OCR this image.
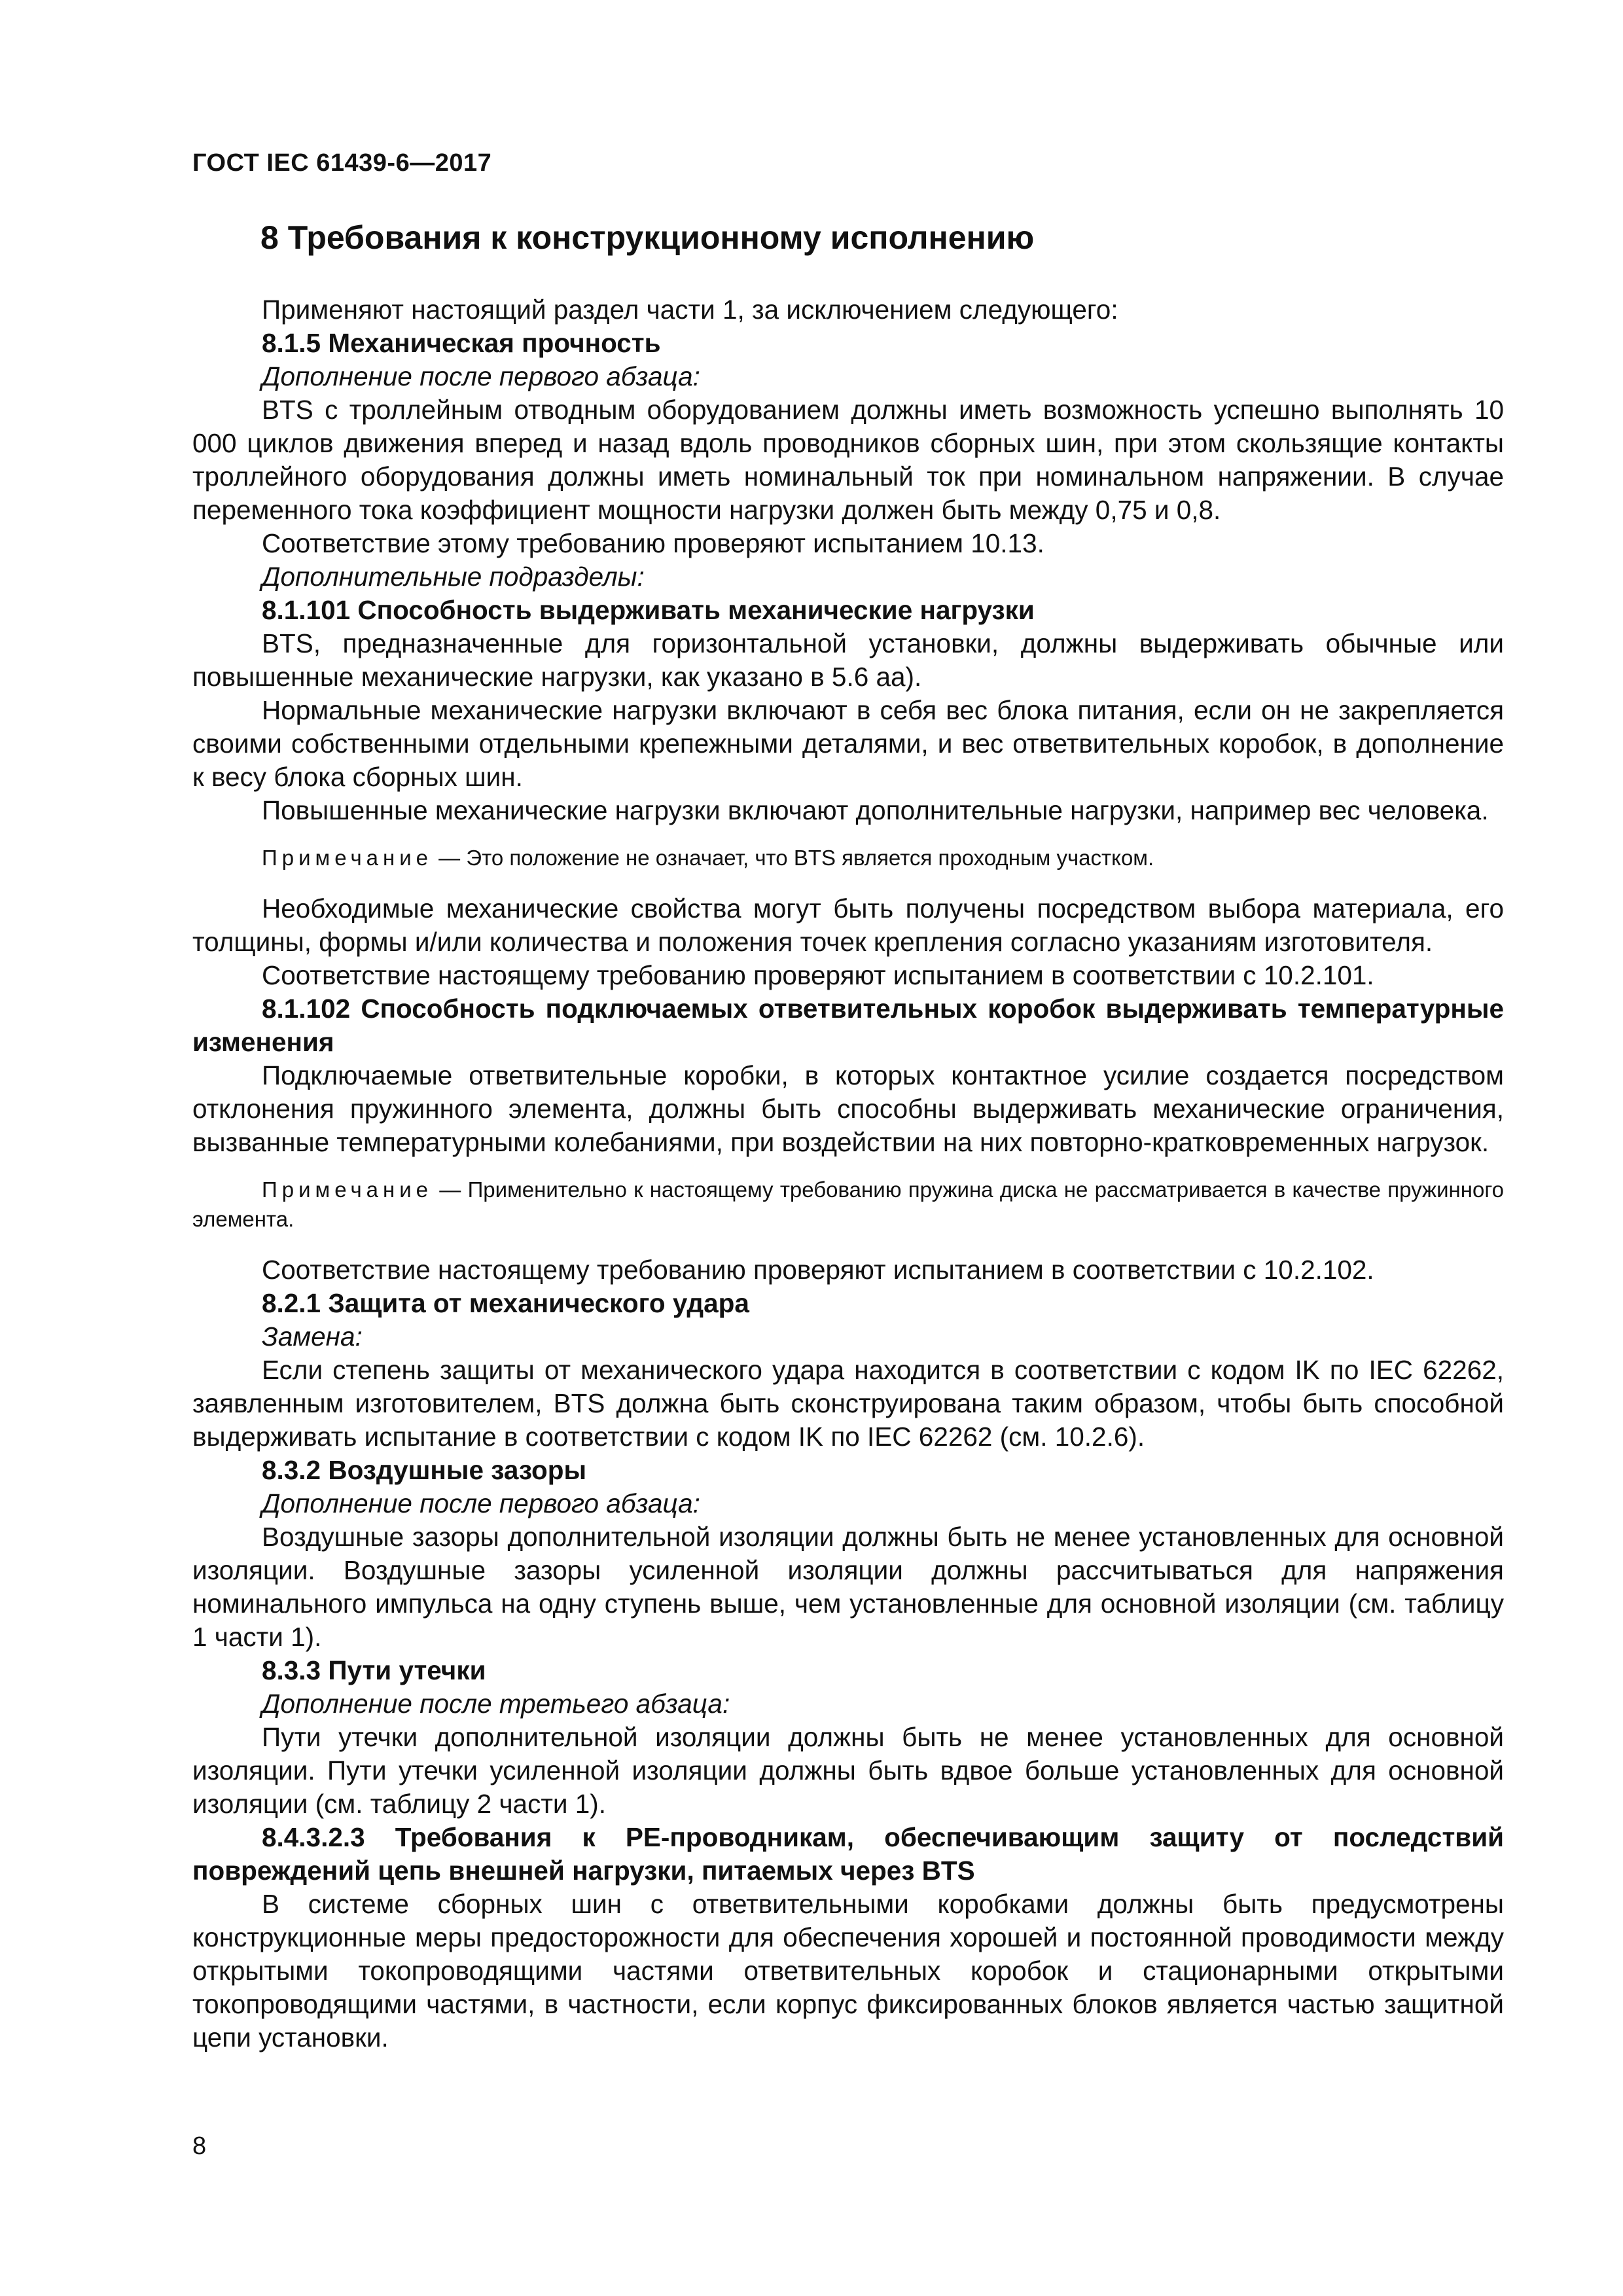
ГОСТ IEC 61439-6—2017
8 Требования к конструкционному исполнению

Применяют настоящий раздел части 1, за исключением следующего:

8.1.5 Механическая прочность

Дополнение после первого абзаца:

BTS с троллейным отводным оборудованием должны иметь возможность успешно выполнять 10 000 циклов движения вперед и назад вдоль проводников сборных шин, при этом скользящие контакты троллейного оборудования должны иметь номинальный ток при номинальном напряжении. В случае переменного тока коэффициент мощности нагрузки должен быть между 0,75 и 0,8.

Соответствие этому требованию проверяют испытанием 10.13.

Дополнительные подразделы:

8.1.101 Способность выдерживать механические нагрузки

BTS, предназначенные для горизонтальной установки, должны выдерживать обычные или повышенные механические нагрузки, как указано в 5.6 аа).

Нормальные механические нагрузки включают в себя вес блока питания, если он не закрепляется своими собственными отдельными крепежными деталями, и вес ответвительных коробок, в дополнение к весу блока сборных шин.

Повышенные механические нагрузки включают дополнительные нагрузки, например вес человека.

Примечание — Это положение не означает, что BTS является проходным участком.

Необходимые механические свойства могут быть получены посредством выбора материала, его толщины, формы и/или количества и положения точек крепления согласно указаниям изготовителя.

Соответствие настоящему требованию проверяют испытанием в соответствии с 10.2.101.

8.1.102 Способность подключаемых ответвительных коробок выдерживать температурные изменения

Подключаемые ответвительные коробки, в которых контактное усилие создается посредством отклонения пружинного элемента, должны быть способны выдерживать механические ограничения, вызванные температурными колебаниями, при воздействии на них повторно-кратковременных нагрузок.

Примечание — Применительно к настоящему требованию пружина диска не рассматривается в качестве пружинного элемента.

Соответствие настоящему требованию проверяют испытанием в соответствии с 10.2.102.

8.2.1 Защита от механического удара

Замена:

Если степень защиты от механического удара находится в соответствии с кодом IK по IEC 62262, заявленным изготовителем, BTS должна быть сконструирована таким образом, чтобы быть способной выдерживать испытание в соответствии с кодом IK по IEC 62262 (см. 10.2.6).

8.3.2 Воздушные зазоры

Дополнение после первого абзаца:

Воздушные зазоры дополнительной изоляции должны быть не менее установленных для основной изоляции. Воздушные зазоры усиленной изоляции должны рассчитываться для напряжения номинального импульса на одну ступень выше, чем установленные для основной изоляции (см. таблицу 1 части 1).

8.3.3 Пути утечки

Дополнение после третьего абзаца:

Пути утечки дополнительной изоляции должны быть не менее установленных для основной изоляции. Пути утечки усиленной изоляции должны быть вдвое больше установленных для основной изоляции (см. таблицу 2 части 1).

8.4.3.2.3 Требования к PE-проводникам, обеспечивающим защиту от последствий повреждений цепь внешней нагрузки, питаемых через BTS

В системе сборных шин с ответвительными коробками должны быть предусмотрены конструкционные меры предосторожности для обеспечения хорошей и постоянной проводимости между открытыми токопроводящими частями ответвительных коробок и стационарными открытыми токопроводящими частями, в частности, если корпус фиксированных блоков является частью защитной цепи установки.

8
